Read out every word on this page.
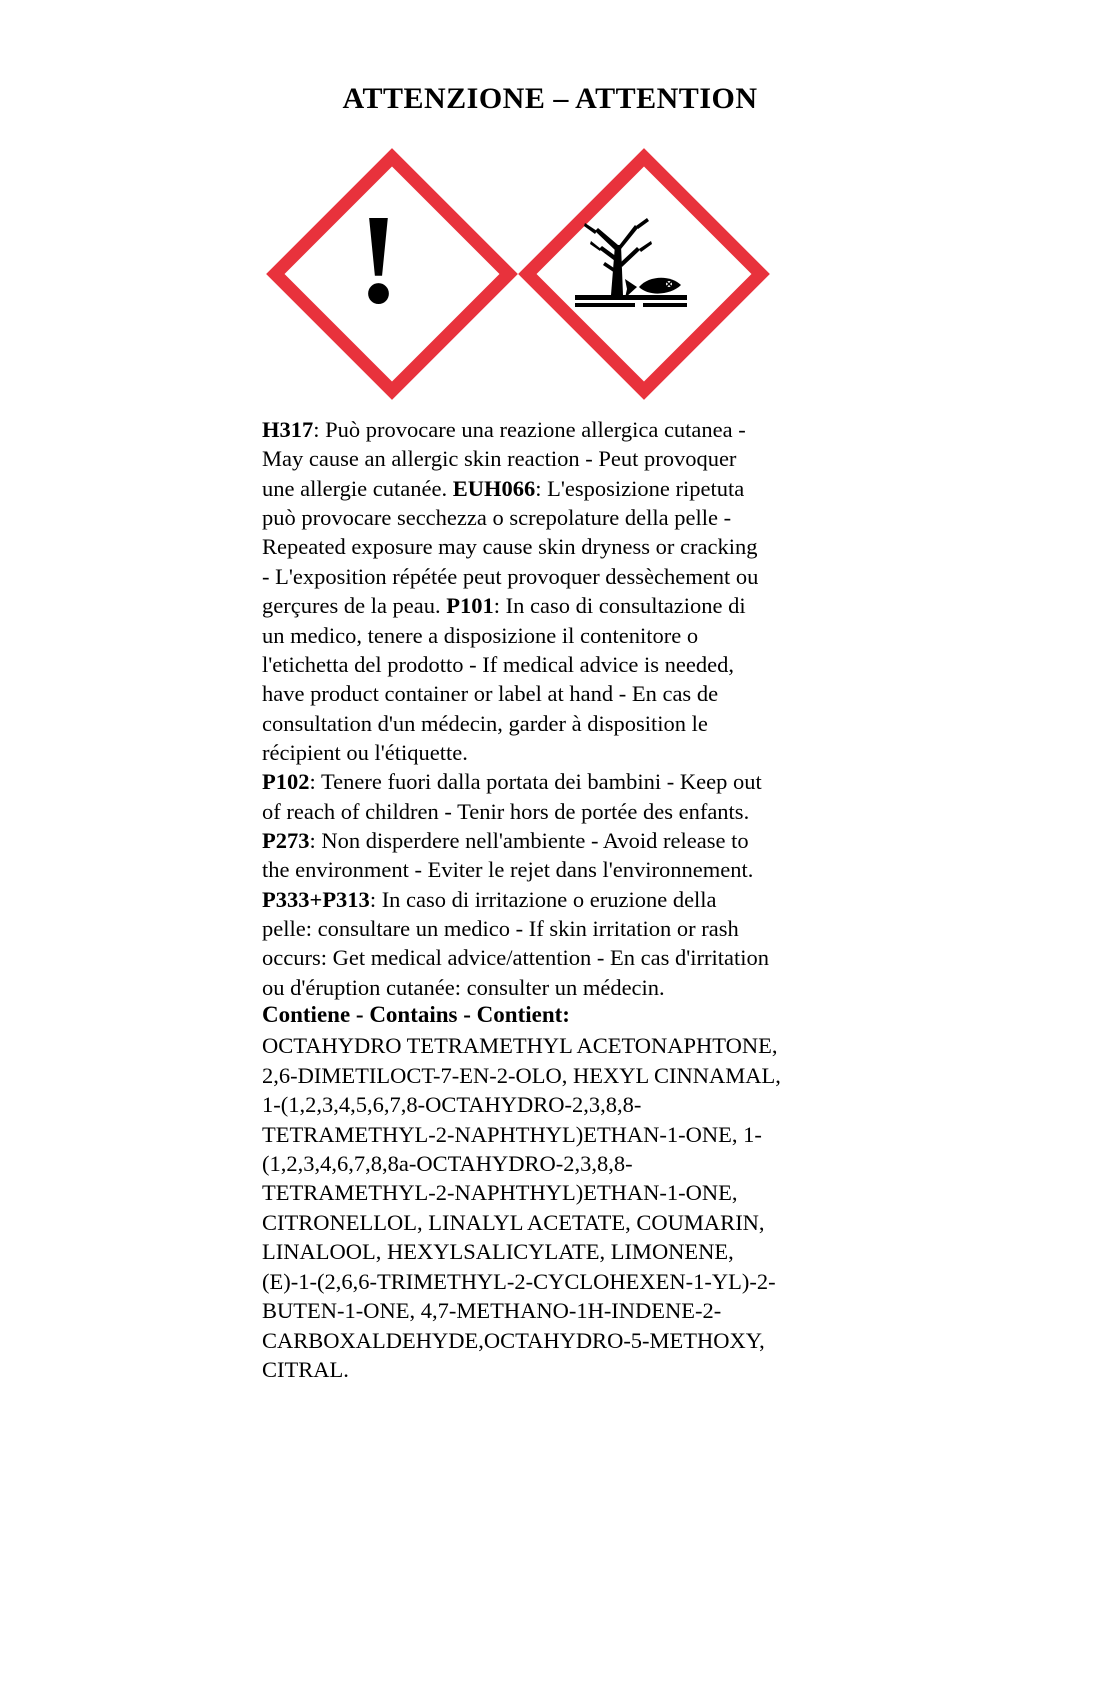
ATTENZIONE – ATTENTION
!

H317: Può provocare una reazione allergica cutanea - May cause an allergic skin reaction - Peut provoquer une allergie cutanée. EUH066: L'esposizione ripetuta può provocare secchezza o screpolature della pelle - Repeated exposure may cause skin dryness or cracking - L'exposition répétée peut provoquer dessèchement ou gerçures de la peau. P101: In caso di consultazione di un medico, tenere a disposizione il contenitore o l'etichetta del prodotto - If medical advice is needed, have product container or label at hand - En cas de consultation d'un médecin, garder à disposition le récipient ou l'étiquette.

P102: Tenere fuori dalla portata dei bambini - Keep out of reach of children - Tenir hors de portée des enfants.

P273: Non disperdere nell'ambiente - Avoid release to the environment - Eviter le rejet dans l'environnement.

P333+P313: In caso di irritazione o eruzione della pelle: consultare un medico - If skin irritation or rash occurs: Get medical advice/attention - En cas d'irritation ou d'éruption cutanée: consulter un médecin.

Contiene - Contains - Contient:
OCTAHYDRO TETRAMETHYL ACETONAPHTONE, 2,6-DIMETILOCT-7-EN-2-OLO, HEXYL CINNAMAL, 1-(1,2,3,4,5,6,7,8-OCTAHYDRO-2,3,8,8-TETRAMETHYL-2-NAPHTHYL)ETHAN-1-ONE, 1-(1,2,3,4,6,7,8,8a-OCTAHYDRO-2,3,8,8-TETRAMETHYL-2-NAPHTHYL)ETHAN-1-ONE, CITRONELLOL, LINALYL ACETATE, COUMARIN, LINALOOL, HEXYLSALICYLATE, LIMONENE, (E)-1-(2,6,6-TRIMETHYL-2-CYCLOHEXEN-1-YL)-2-BUTEN-1-ONE, 4,7-METHANO-1H-INDENE-2-CARBOXALDEHYDE,OCTAHYDRO-5-METHOXY, CITRAL.
